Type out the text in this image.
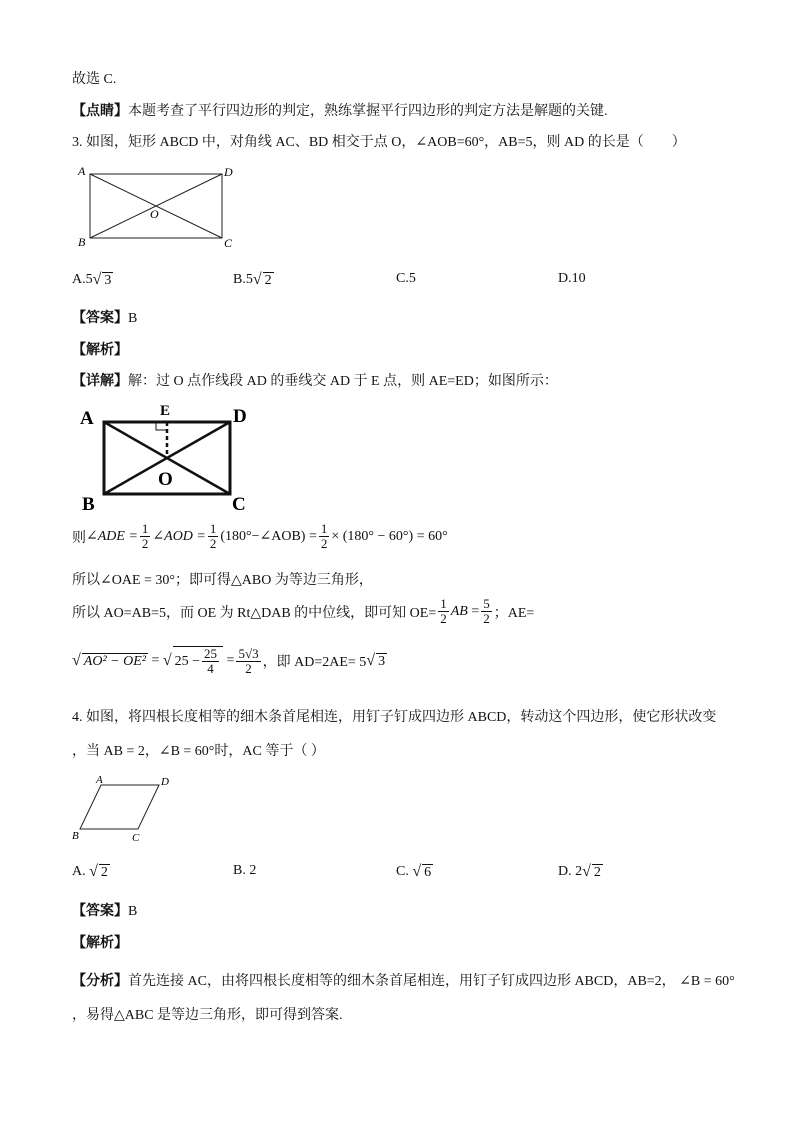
故选 C.
【点睛】本题考查了平行四边形的判定，熟练掌握平行四边形的判定方法是解题的关键.
3. 如图，矩形 ABCD 中，对角线 AC、BD 相交于点 O，∠AOB=60°，AB=5，则 AD 的长是（　　）
A	D
B	C
O
A. 5 √ 3	B. 5 √ 2	C. 5	D. 10
【答案】B
【解析】
【详解】解：过 O 点作线段 AD 的垂线交 AD 于 E 点，则 AE=ED；如图所示：
A	D
B	C
O
E
则 ∠ADE = $\frac{1}{2}$ ∠AOD = $\frac{1}{2}$ (180°−∠AOB) = $\frac{1}{2} \times (180^\circ - 60^\circ) = 60^\circ$
所以∠OAE = 30°；即可得△ABO 为等边三角形，
所以 AO=AB=5，而 OE 为 Rt△DAB 的中位线，即可知 $OE= \frac{1}{2}$ AB
= $\frac{5}{2}$ ；AE=
√ AO² − OE²
=
√ $25 - \frac{25}{4}$
= $\frac{5√3}{2}$ ，即 AD=2AE= 5 √ 3
4. 如图，将四根长度相等的细木条首尾相连，用钉子钉成四边形 ABCD，转动这个四边形，使它形状改变
，当 AB = 2，∠B = 60°时，AC 等于（ ）
A	D
B	C
A.
√ 2	B.
2	C.
√ 6	D.
2 √ 2
【答案】B
【解析】
【分析】首先连接 AC，由将四根长度相等的细木条首尾相连，用钉子钉成四边形 ABCD，AB=2， ∠B = 60°
，易得△ABC 是等边三角形，即可得到答案.
